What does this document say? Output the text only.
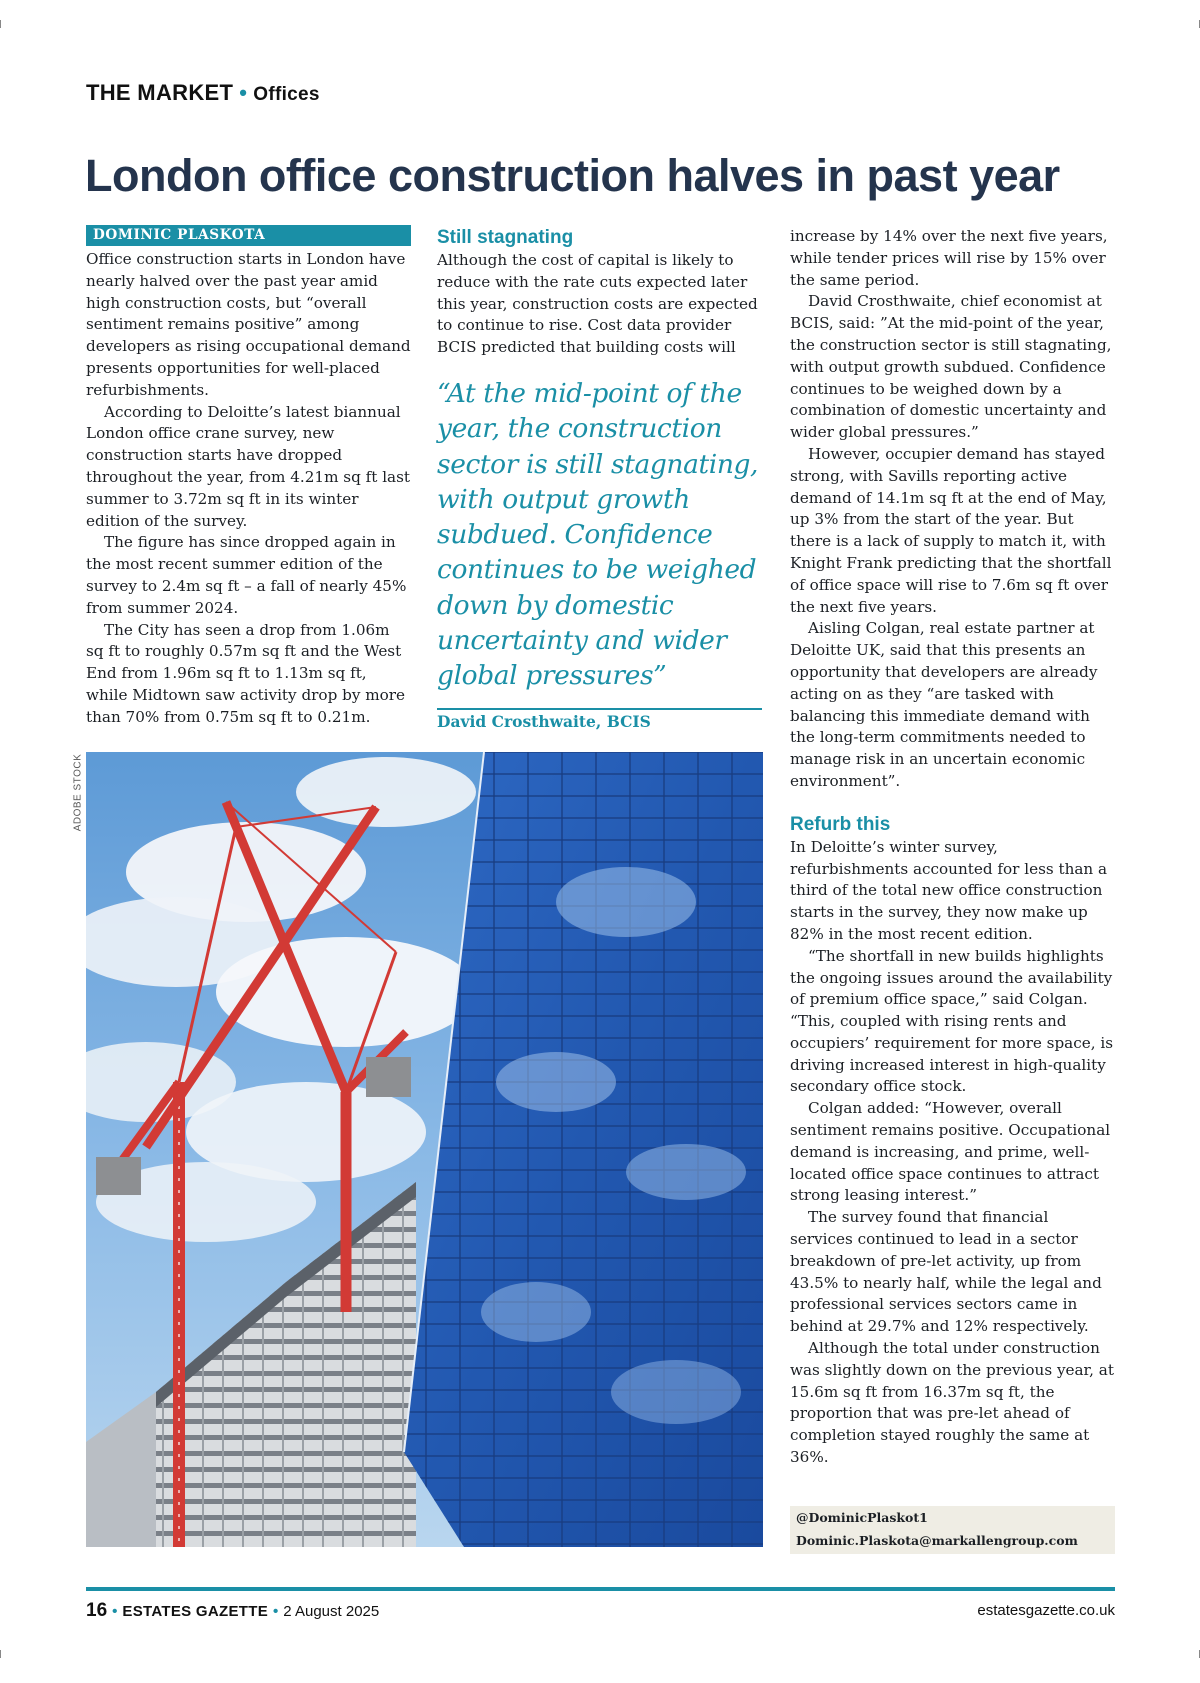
THE MARKET • Offices
London office construction halves in past year
DOMINIC PLASKOTA

Office construction starts in London have nearly halved over the past year amid high construction costs, but “overall sentiment remains positive” among developers as rising occupational demand presents opportunities for well-placed refurbishments.

According to Deloitte’s latest biannual London office crane survey, new construction starts have dropped throughout the year, from 4.21m sq ft last summer to 3.72m sq ft in its winter edition of the survey.

The figure has since dropped again in the most recent summer edition of the survey to 2.4m sq ft – a fall of nearly 45% from summer 2024.

The City has seen a drop from 1.06m sq ft to roughly 0.57m sq ft and the West End from 1.96m sq ft to 1.13m sq ft, while Midtown saw activity drop by more than 70% from 0.75m sq ft to 0.21m.

Still stagnating

Although the cost of capital is likely to reduce with the rate cuts expected later this year, construction costs are expected to continue to rise. Cost data provider BCIS predicted that building costs will

“At the mid-point of the year, the construction sector is still stagnating, with output growth subdued. Confidence continues to be weighed down by domestic uncertainty and wider global pressures”
David Crosthwaite, BCIS
ADOBE STOCK

increase by 14% over the next five years, while tender prices will rise by 15% over the same period.

David Crosthwaite, chief economist at BCIS, said: ”At the mid-point of the year, the construction sector is still stagnating, with output growth subdued. Confidence continues to be weighed down by a combination of domestic uncertainty and wider global pressures.”

However, occupier demand has stayed strong, with Savills reporting active demand of 14.1m sq ft at the end of May, up 3% from the start of the year. But there is a lack of supply to match it, with Knight Frank predicting that the shortfall of office space will rise to 7.6m sq ft over the next five years.

Aisling Colgan, real estate partner at Deloitte UK, said that this presents an opportunity that developers are already acting on as they “are tasked with balancing this immediate demand with the long-term commitments needed to manage risk in an uncertain economic environment”.

Refurb this

In Deloitte’s winter survey, refurbishments accounted for less than a third of the total new office construction starts in the survey, they now make up 82% in the most recent edition.

“The shortfall in new builds highlights the ongoing issues around the availability of premium office space,” said Colgan. “This, coupled with rising rents and occupiers’ requirement for more space, is driving increased interest in high-quality secondary office stock.

Colgan added: “However, overall sentiment remains positive. Occupational demand is increasing, and prime, well-located office space continues to attract strong leasing interest.”

The survey found that financial services continued to lead in a sector breakdown of pre-let activity, up from 43.5% to nearly half, while the legal and professional services sectors came in behind at 29.7% and 12% respectively.

Although the total under construction was slightly down on the previous year, at 15.6m sq ft from 16.37m sq ft, the proportion that was pre-let ahead of completion stayed roughly the same at 36%.

@DominicPlaskot1
Dominic.Plaskota@markallengroup.com
16 • ESTATES GAZETTE • 2 August 2025	estatesgazette.co.uk
